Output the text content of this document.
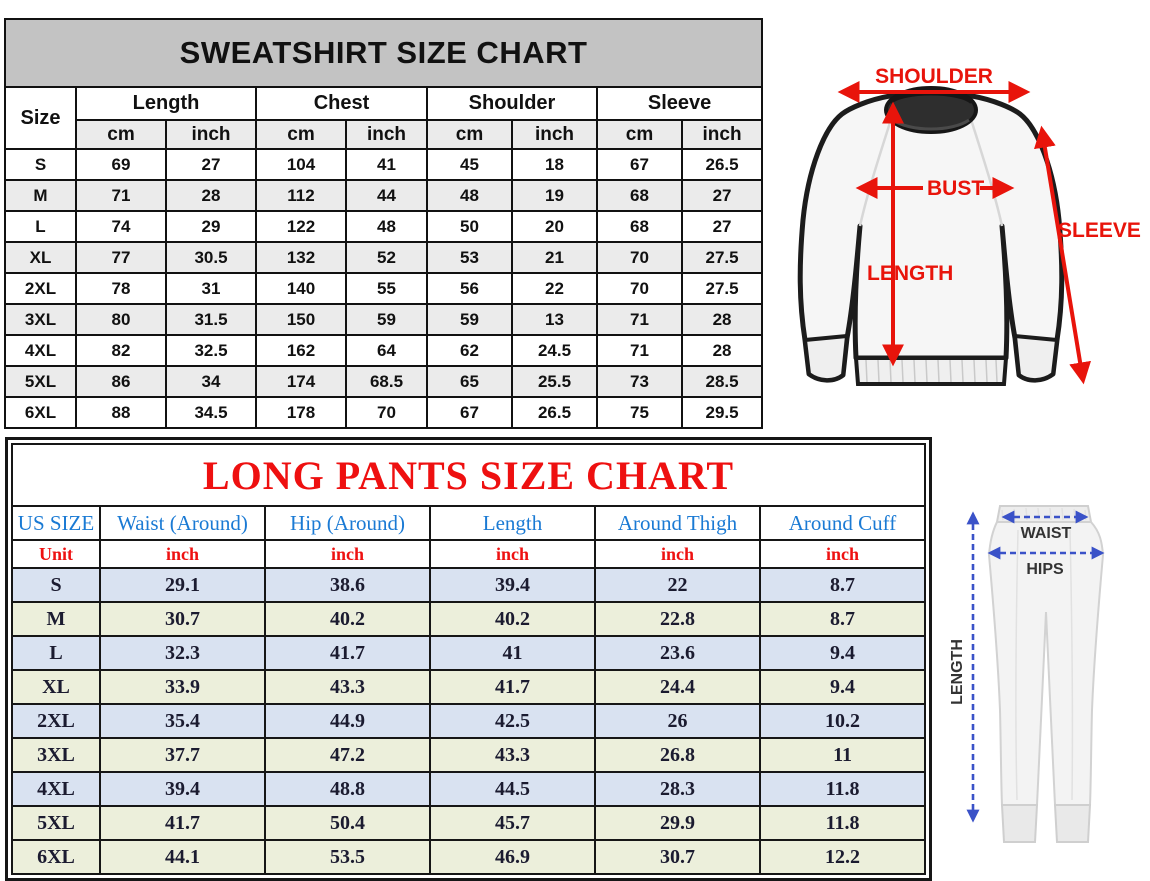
SWEATSHIRT SIZE CHART								
Size	Length		Chest		Shoulder		Sleeve	
	cm	inch	cm	inch	cm	inch	cm	inch
S	69	27	104	41	45	18	67	26.5
M	71	28	112	44	48	19	68	27
L	74	29	122	48	50	20	68	27
XL	77	30.5	132	52	53	21	70	27.5
2XL	78	31	140	55	56	22	70	27.5
3XL	80	31.5	150	59	59	13	71	28
4XL	82	32.5	162	64	62	24.5	71	28
5XL	86	34	174	68.5	65	25.5	73	28.5
6XL	88	34.5	178	70	67	26.5	75	29.5
SHOULDER
BUST
LENGTH
SLEEVE
LONG PANTS SIZE CHART					
US SIZE	Waist (Around)	Hip (Around)	Length	Around Thigh	Around Cuff
Unit	inch	inch	inch	inch	inch
S	29.1	38.6	39.4	22	8.7
M	30.7	40.2	40.2	22.8	8.7
L	32.3	41.7	41	23.6	9.4
XL	33.9	43.3	41.7	24.4	9.4
2XL	35.4	44.9	42.5	26	10.2
3XL	37.7	47.2	43.3	26.8	11
4XL	39.4	48.8	44.5	28.3	11.8
5XL	41.7	50.4	45.7	29.9	11.8
6XL	44.1	53.5	46.9	30.7	12.2
WAIST
HIPS
LENGTH
